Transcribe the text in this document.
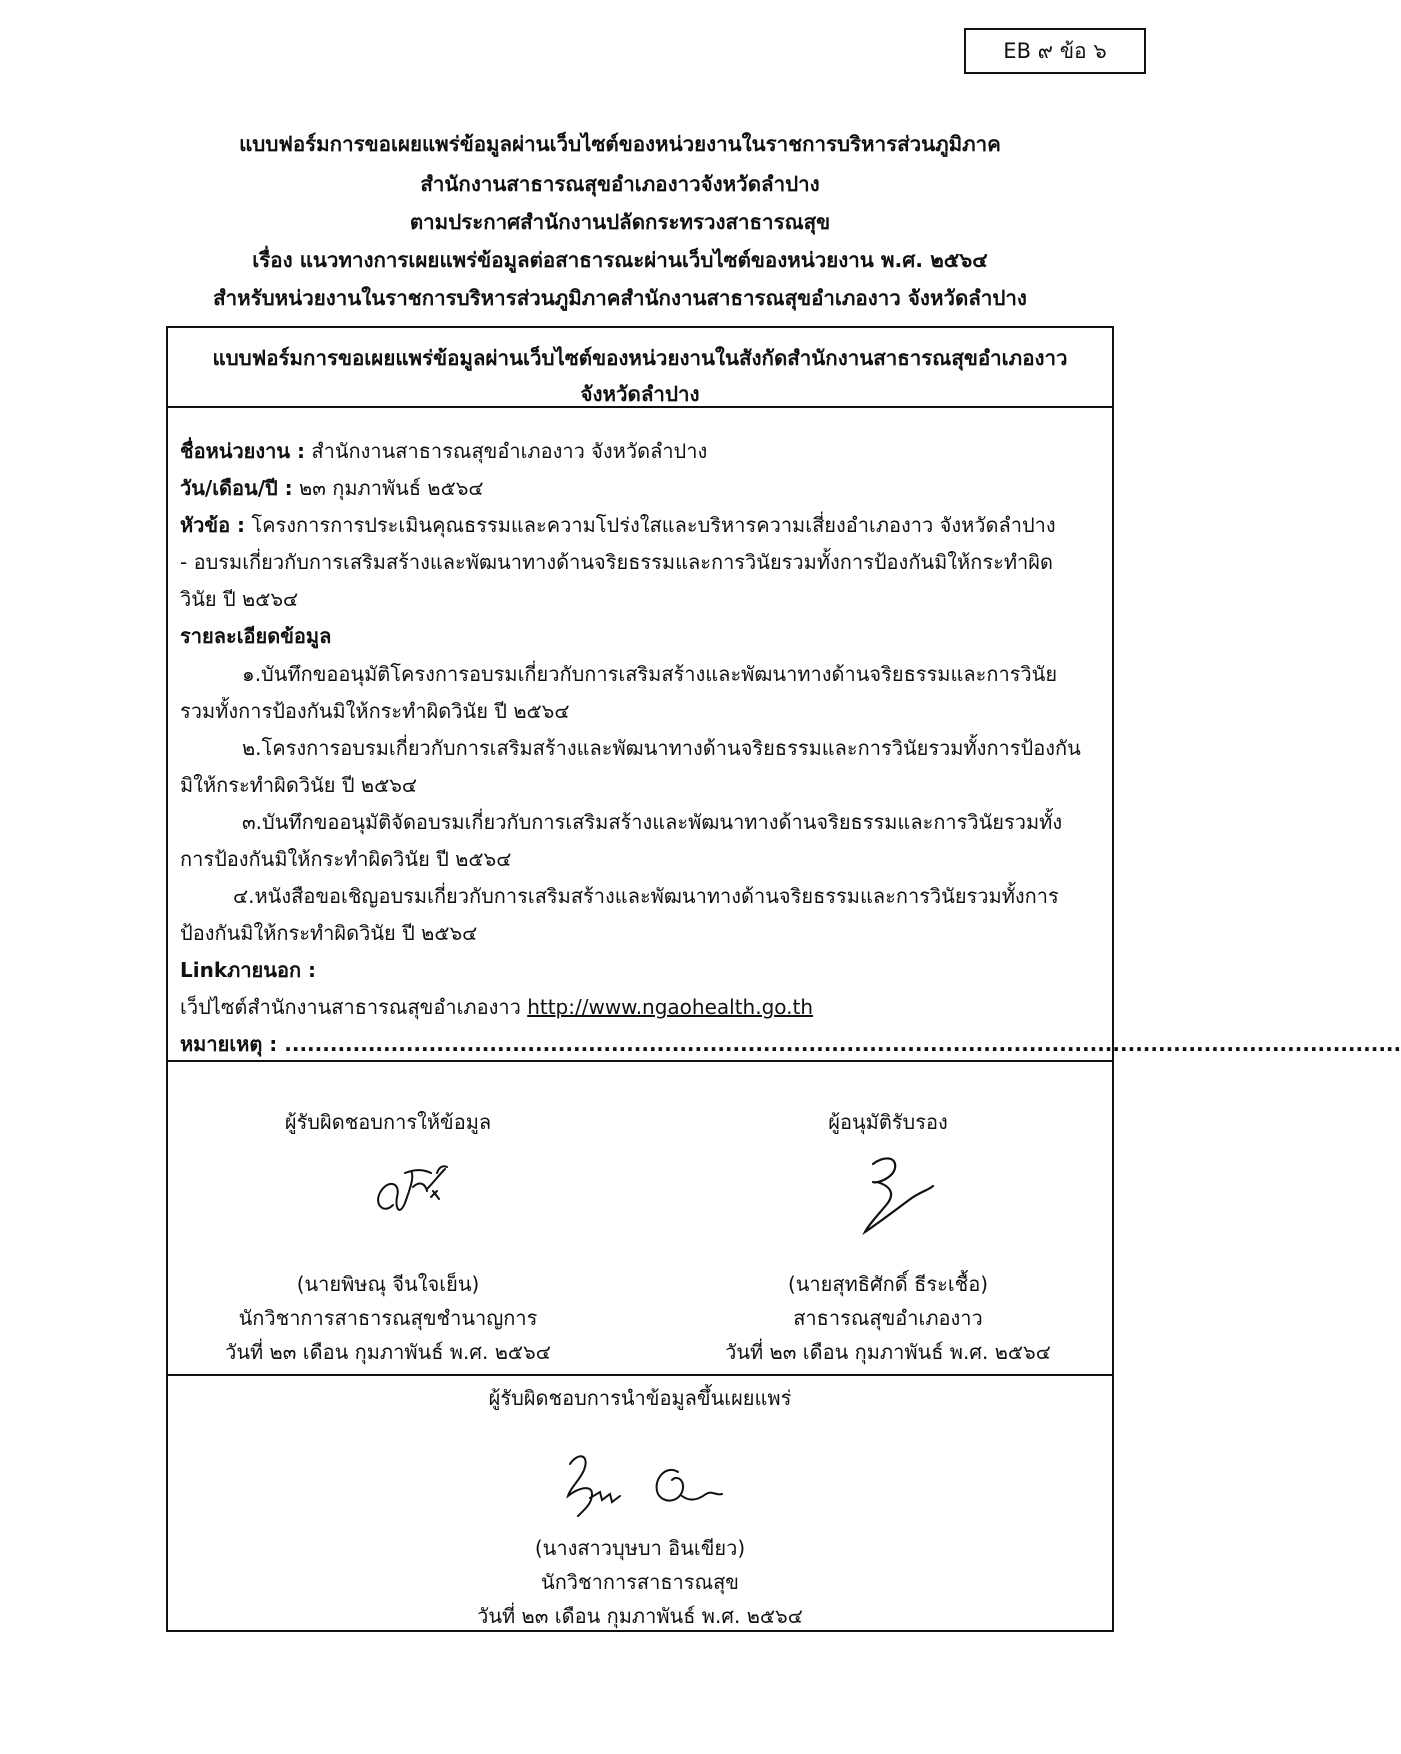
EB ๙ ข้อ ๖
แบบฟอร์มการขอเผยแพร่ข้อมูลผ่านเว็บไซต์ของหน่วยงานในราชการบริหารส่วนภูมิภาค
สำนักงานสาธารณสุขอำเภองาวจังหวัดลำปาง
ตามประกาศสำนักงานปลัดกระทรวงสาธารณสุข
เรื่อง แนวทางการเผยแพร่ข้อมูลต่อสาธารณะผ่านเว็บไซต์ของหน่วยงาน พ.ศ. ๒๕๖๔
สำหรับหน่วยงานในราชการบริหารส่วนภูมิภาคสำนักงานสาธารณสุขอำเภองาว จังหวัดลำปาง
แบบฟอร์มการขอเผยแพร่ข้อมูลผ่านเว็บไซต์ของหน่วยงานในสังกัดสำนักงานสาธารณสุขอำเภองาว
จังหวัดลำปาง
ชื่อหน่วยงาน : สำนักงานสาธารณสุขอำเภองาว จังหวัดลำปาง
วัน/เดือน/ปี : ๒๓ กุมภาพันธ์ ๒๕๖๔
หัวข้อ : โครงการการประเมินคุณธรรมและความโปร่งใสและบริหารความเสี่ยงอำเภองาว จังหวัดลำปาง
- อบรมเกี่ยวกับการเสริมสร้างและพัฒนาทางด้านจริยธรรมและการวินัยรวมทั้งการป้องกันมิให้กระทำผิด
วินัย ปี ๒๕๖๔
รายละเอียดข้อมูล
๑.บันทึกขออนุมัติโครงการอบรมเกี่ยวกับการเสริมสร้างและพัฒนาทางด้านจริยธรรมและการวินัย
รวมทั้งการป้องกันมิให้กระทำผิดวินัย ปี ๒๕๖๔
๒.โครงการอบรมเกี่ยวกับการเสริมสร้างและพัฒนาทางด้านจริยธรรมและการวินัยรวมทั้งการป้องกัน
มิให้กระทำผิดวินัย ปี ๒๕๖๔
๓.บันทึกขออนุมัติจัดอบรมเกี่ยวกับการเสริมสร้างและพัฒนาทางด้านจริยธรรมและการวินัยรวมทั้ง
การป้องกันมิให้กระทำผิดวินัย ปี ๒๕๖๔
๔.หนังสือขอเชิญอบรมเกี่ยวกับการเสริมสร้างและพัฒนาทางด้านจริยธรรมและการวินัยรวมทั้งการ
ป้องกันมิให้กระทำผิดวินัย ปี ๒๕๖๔
Linkภายนอก :
เว็ปไซต์สำนักงานสาธารณสุขอำเภองาว http://www.ngaohealth.go.th
หมายเหตุ : ...................................................................................................................................................
ผู้รับผิดชอบการให้ข้อมูล
(นายพิษณุ จีนใจเย็น)
นักวิชาการสาธารณสุขชำนาญการ
วันที่ ๒๓ เดือน กุมภาพันธ์ พ.ศ. ๒๕๖๔
ผู้อนุมัติรับรอง
(นายสุทธิศักดิ์ ธีระเชื้อ)
สาธารณสุขอำเภองาว
วันที่ ๒๓ เดือน กุมภาพันธ์ พ.ศ. ๒๕๖๔
ผู้รับผิดชอบการนำข้อมูลขึ้นเผยแพร่
(นางสาวบุษบา อินเขียว)
นักวิชาการสาธารณสุข
วันที่ ๒๓ เดือน กุมภาพันธ์ พ.ศ. ๒๕๖๔
